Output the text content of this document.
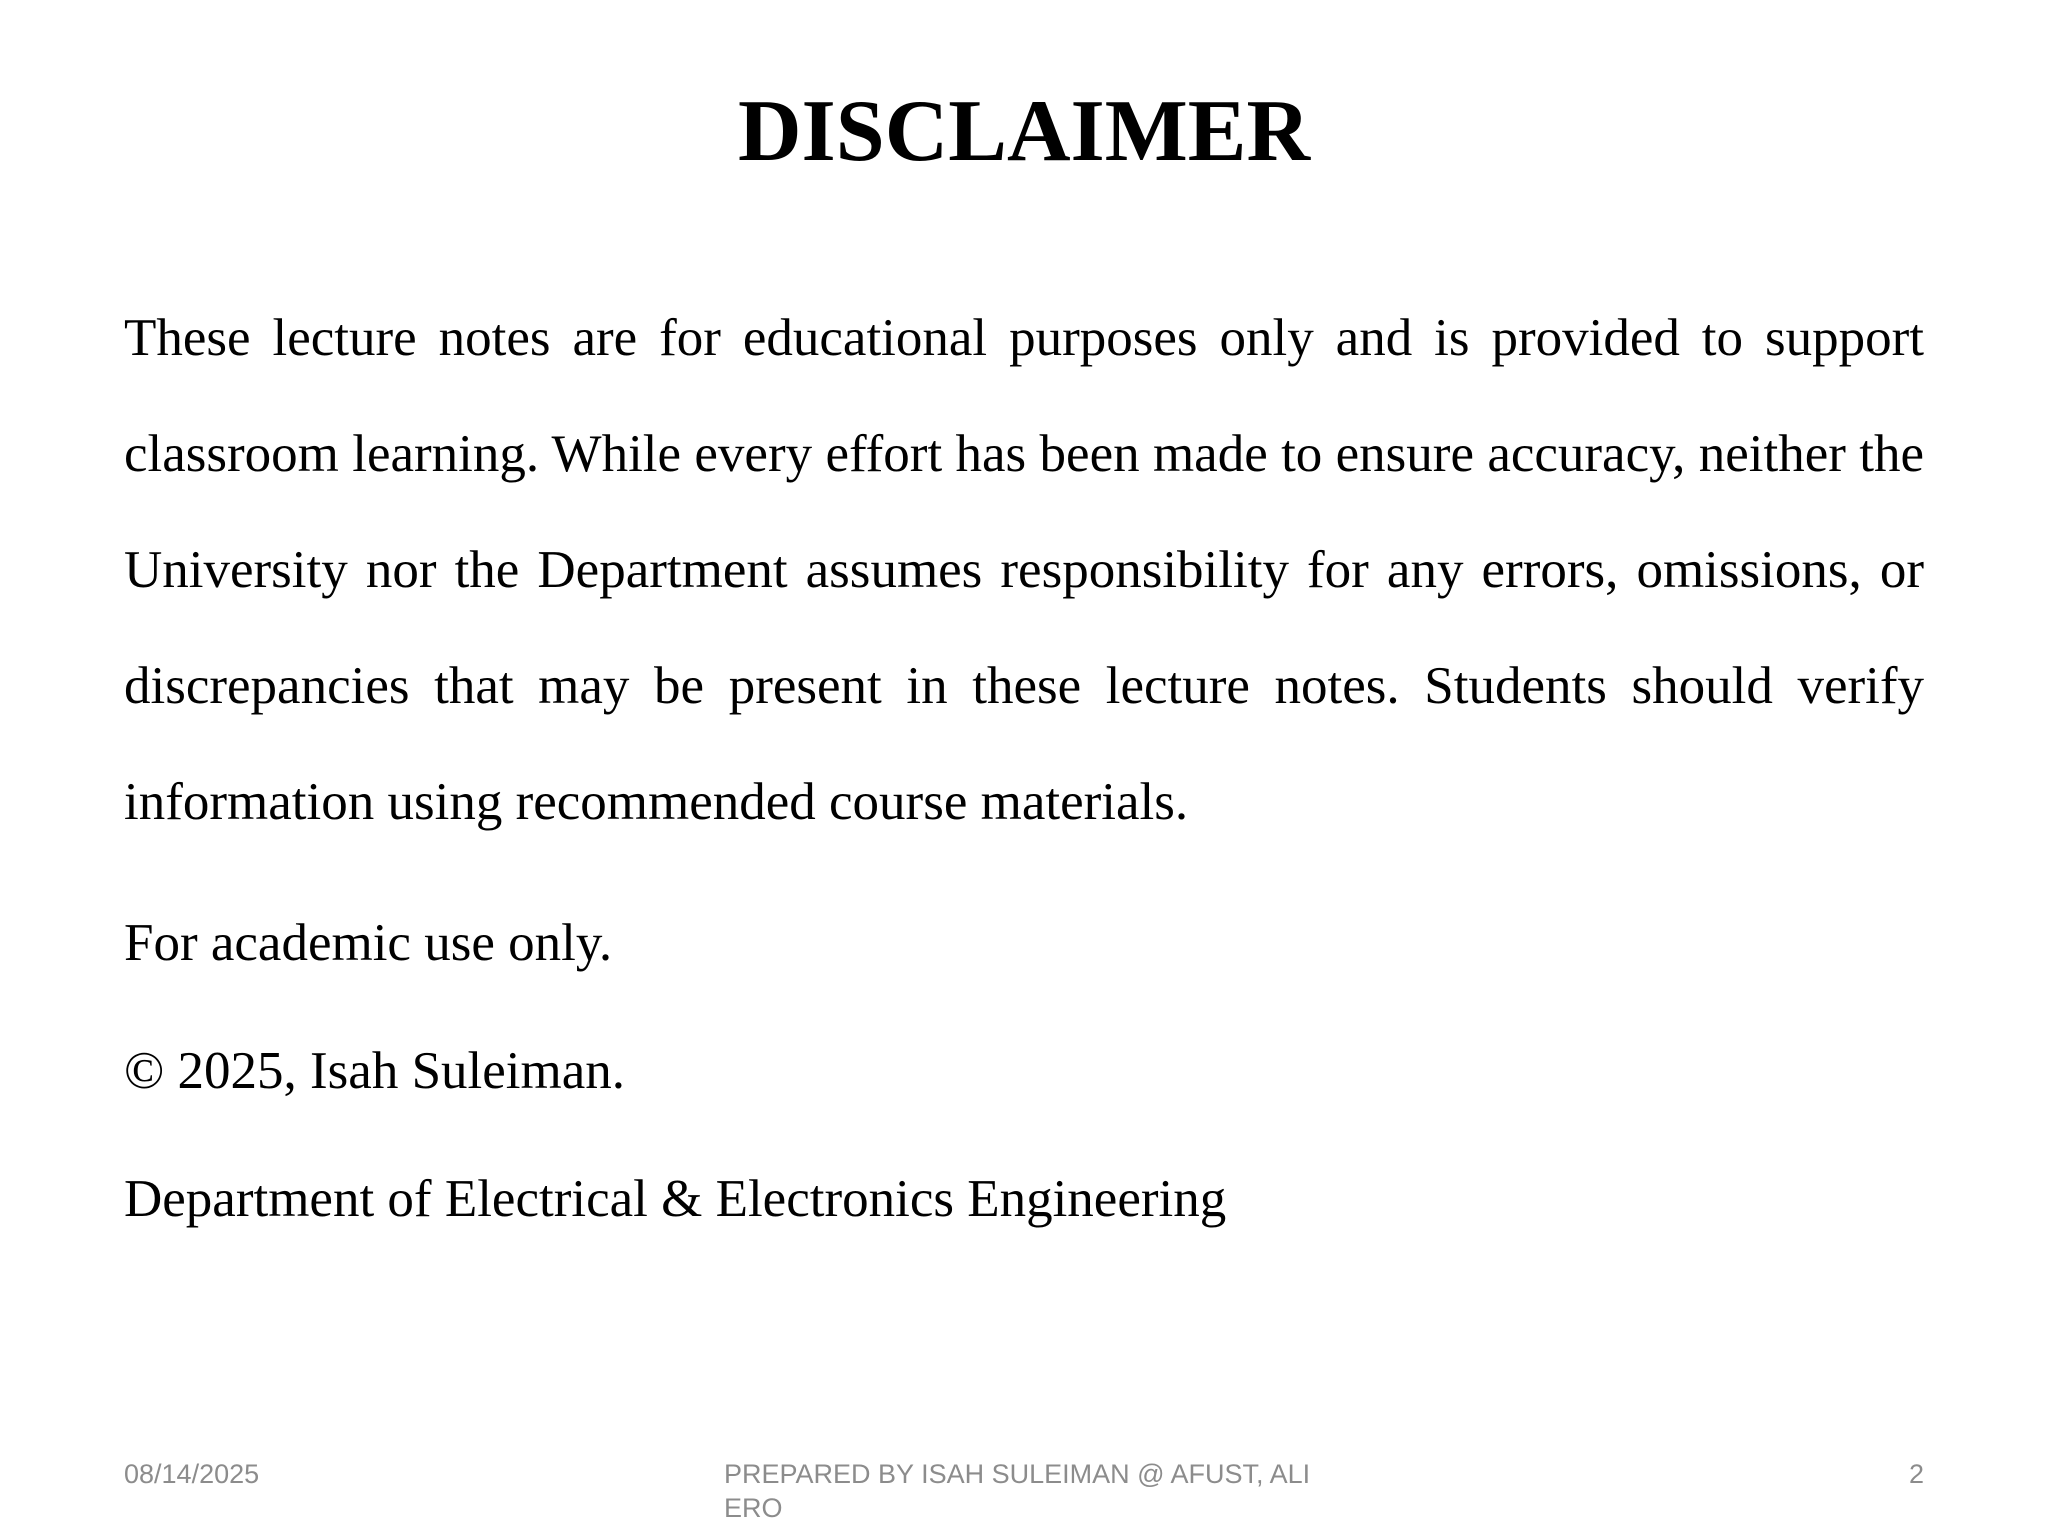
DISCLAIMER

These lecture notes are for educational purposes only and is provided to support classroom learning. While every effort has been made to ensure accuracy, neither the University nor the Department assumes responsibility for any errors, omissions, or discrepancies that may be present in these lecture notes. Students should verify information using recommended course materials.

For academic use only.

© 2025, Isah Suleiman.

Department of Electrical & Electronics Engineering

08/14/2025	PREPARED BY ISAH SULEIMAN @ AFUST, ALIERO
2
